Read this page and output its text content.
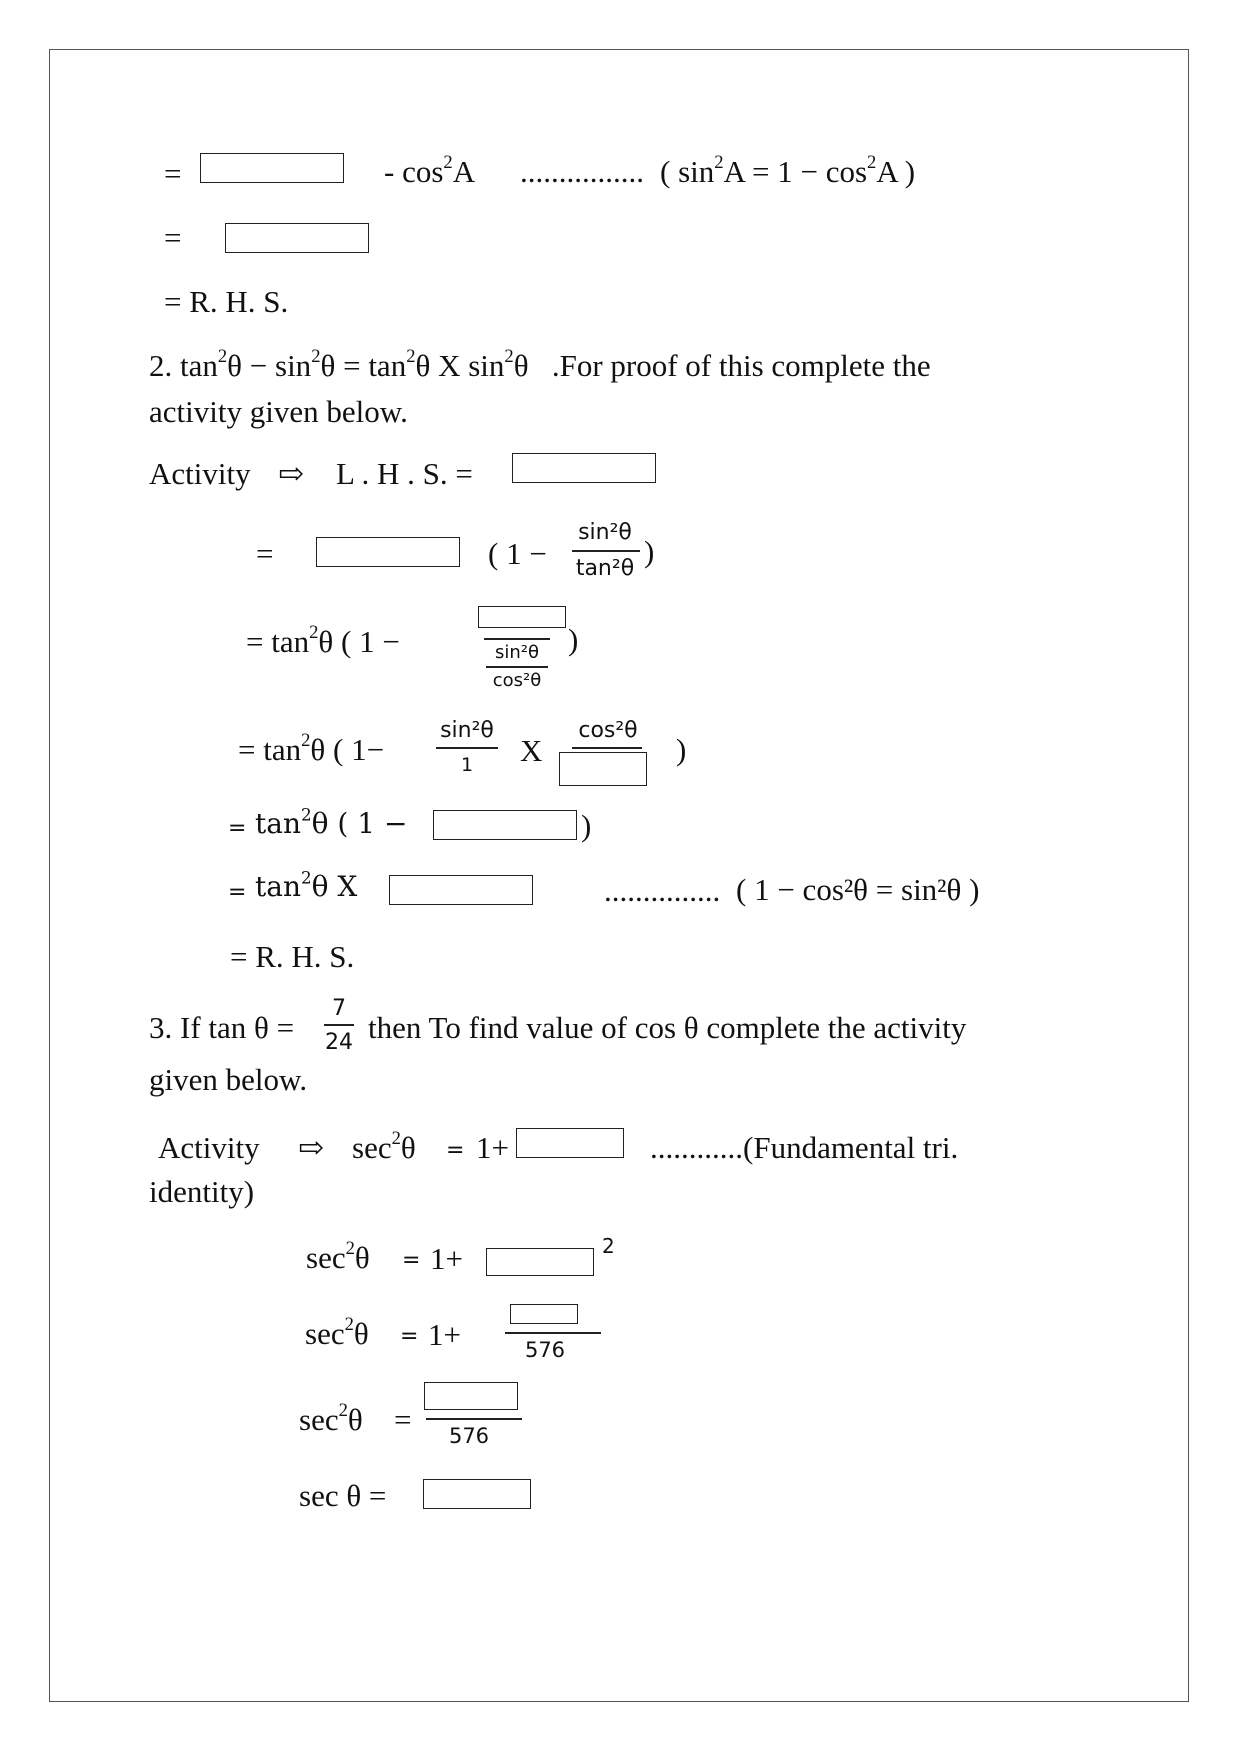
=	- $\cos^2A$ ................ ( $\sin^2A = 1 - \cos^2A$ )
=
= R. H. S.
2. $\tan^2\theta - \sin^2\theta = \tan^2\theta$ X $\sin^2\theta$ .For proof of this complete the
activity given below.
Activity ⇨ L . H . S. =
=	( 1 −
sin²θ
tan²θ )
= $\tan^2\theta$ ( 1 −	sin²θ
cos²θ
)
= $\tan^2\theta$ ( 1−
sin²θ
1	X
cos²θ
)
= $\tan^2\theta$ ( 1 −	)
= $\tan^2\theta$ X	............... ( 1 − cos²θ = sin²θ )
= R. H. S.
3. If tan θ =
7
24 then To find value of cos θ complete the activity
given below.
Activity ⇨ $\sec^2\theta = 1+$	............(Fundamental tri.
identity)
$\sec^2\theta = 1+$	2
$\sec^2\theta = 1+$	576
$\sec^2\theta$ =	576
sec θ =
